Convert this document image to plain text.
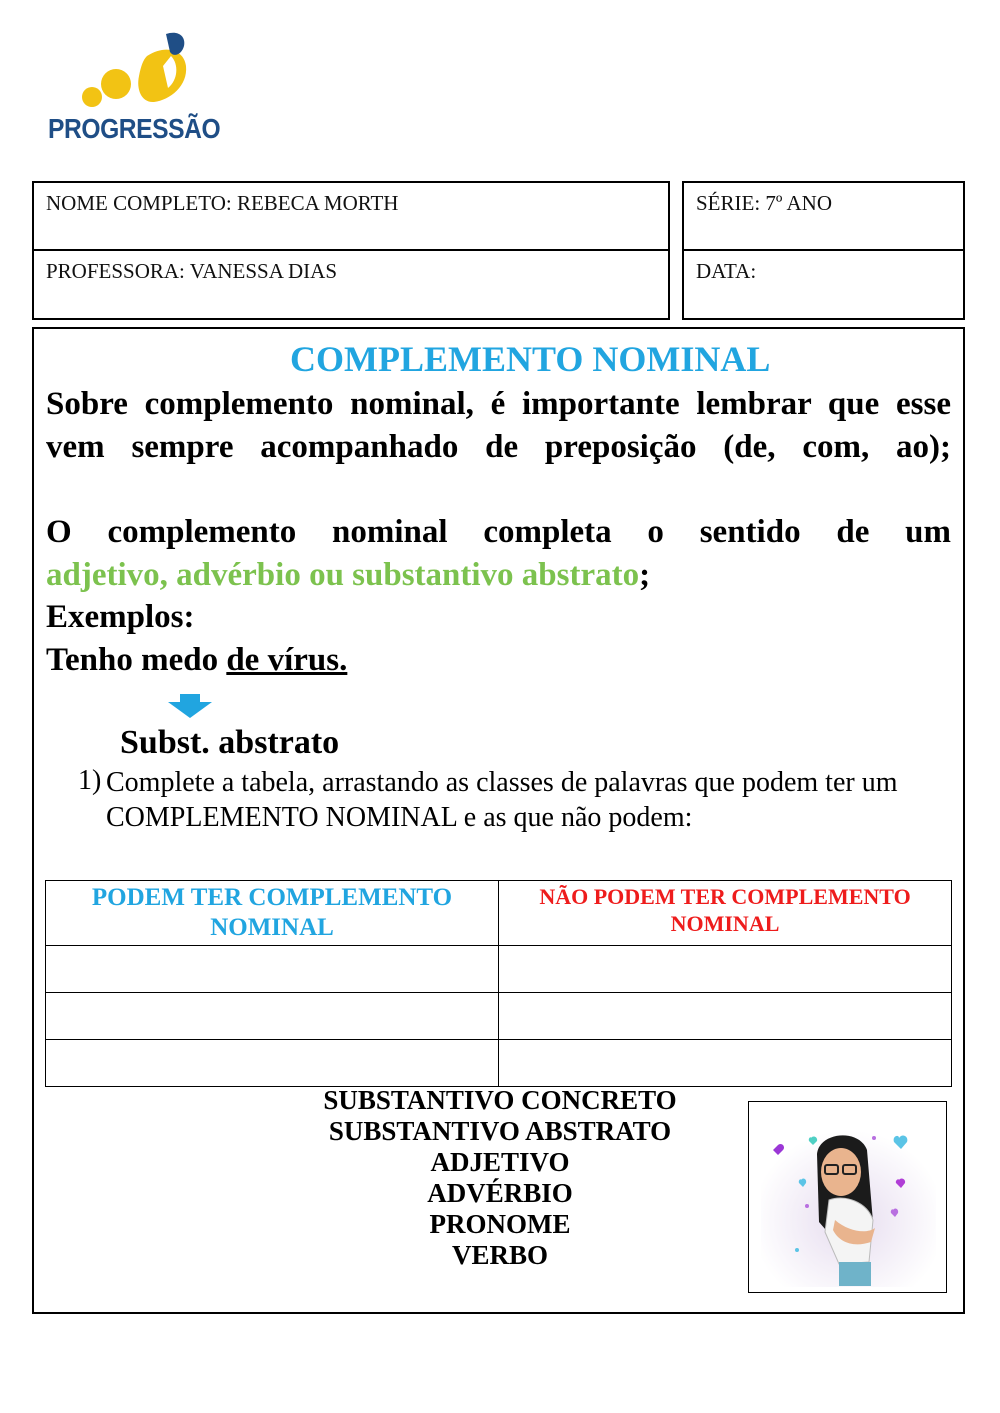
PROGRESSÃO
NOME COMPLETO: REBECA MORTH
PROFESSORA: VANESSA DIAS
SÉRIE: 7º ANO
DATA:
COMPLEMENTO NOMINAL
Sobre complemento nominal, é importante lembrar que esse vem sempre acompanhado de preposição (de, com, ao);
O complemento nominal completa o sentido de um
adjetivo, advérbio ou substantivo abstrato;
Exemplos:
Tenho medo de vírus.
Subst. abstrato
1) Complete a tabela, arrastando as classes de palavras que podem ter um COMPLEMENTO NOMINAL e as que não podem:
PODEM TER COMPLEMENTO NOMINAL	NÃO PODEM TER COMPLEMENTO NOMINAL

SUBSTANTIVO CONCRETO
SUBSTANTIVO ABSTRATO
ADJETIVO
ADVÉRBIO
PRONOME
VERBO
